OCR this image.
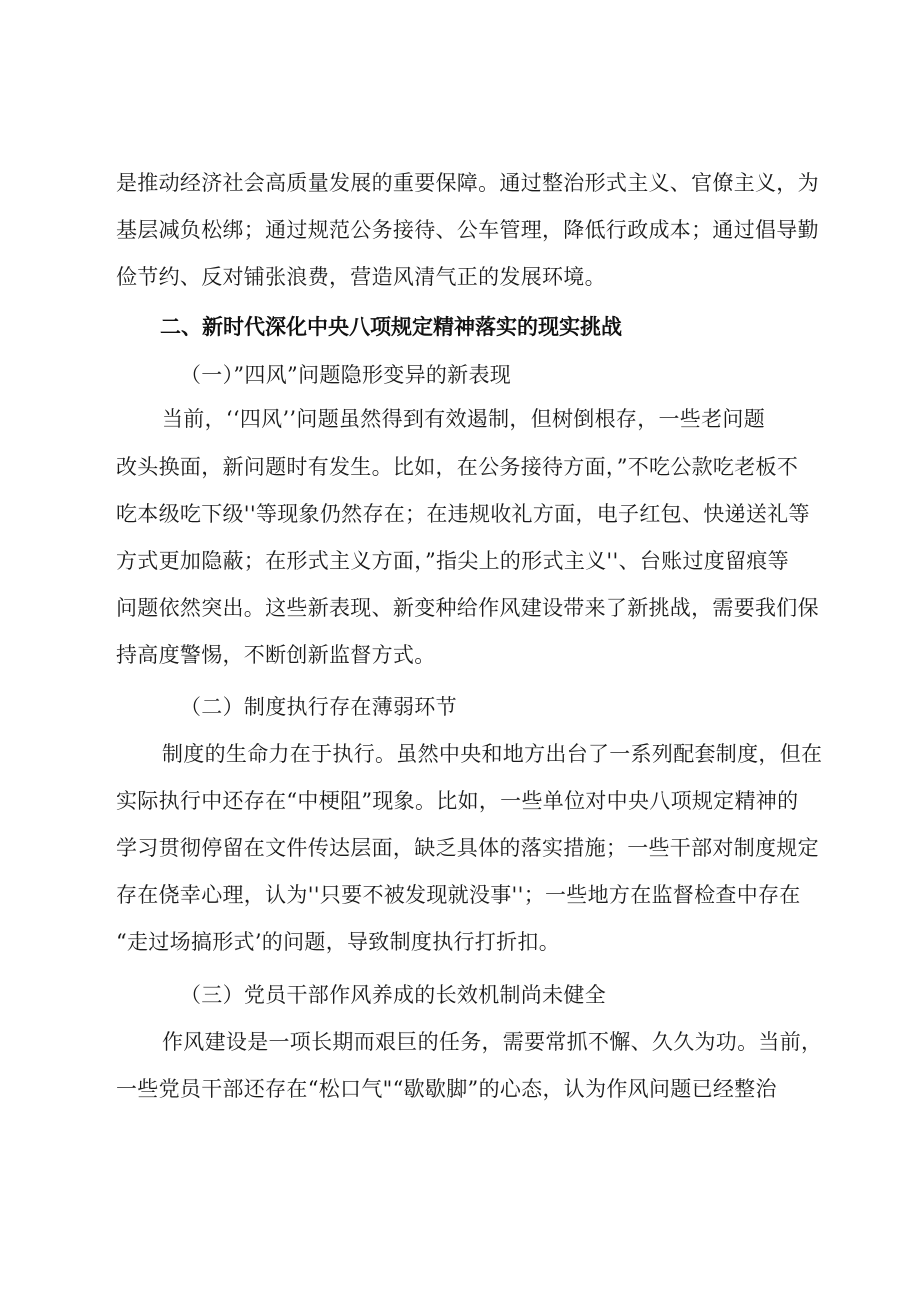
是推动经济社会高质量发展的重要保障。通过整治形式主义、官僚主义，为
基层减负松绑；通过规范公务接待、公车管理，降低行政成本；通过倡导勤
俭节约、反对铺张浪费，营造风清气正的发展环境。
二、新时代深化中央八项规定精神落实的现实挑战
（一）”四风”问题隐形变异的新表现
当前，‘‘四风’’问题虽然得到有效遏制，但树倒根存，一些老问题
改头换面，新问题时有发生。比如，在公务接待方面，”不吃公款吃老板不
吃本级吃下级''等现象仍然存在；在违规收礼方面，电子红包、快递送礼等
方式更加隐蔽；在形式主义方面，”指尖上的形式主义''、台账过度留痕等
问题依然突出。这些新表现、新变种给作风建设带来了新挑战，需要我们保
持高度警惕，不断创新监督方式。
（二）制度执行存在薄弱环节
制度的生命力在于执行。虽然中央和地方出台了一系列配套制度，但在
实际执行中还存在“中梗阻”现象。比如，一些单位对中央八项规定精神的
学习贯彻停留在文件传达层面，缺乏具体的落实措施；一些干部对制度规定
存在侥幸心理，认为''只要不被发现就没事''；一些地方在监督检查中存在
“走过场搞形式’的问题，导致制度执行打折扣。
（三）党员干部作风养成的长效机制尚未健全
作风建设是一项长期而艰巨的任务，需要常抓不懈、久久为功。当前，
一些党员干部还存在“松口气"“歇歇脚”的心态，认为作风问题已经整治
